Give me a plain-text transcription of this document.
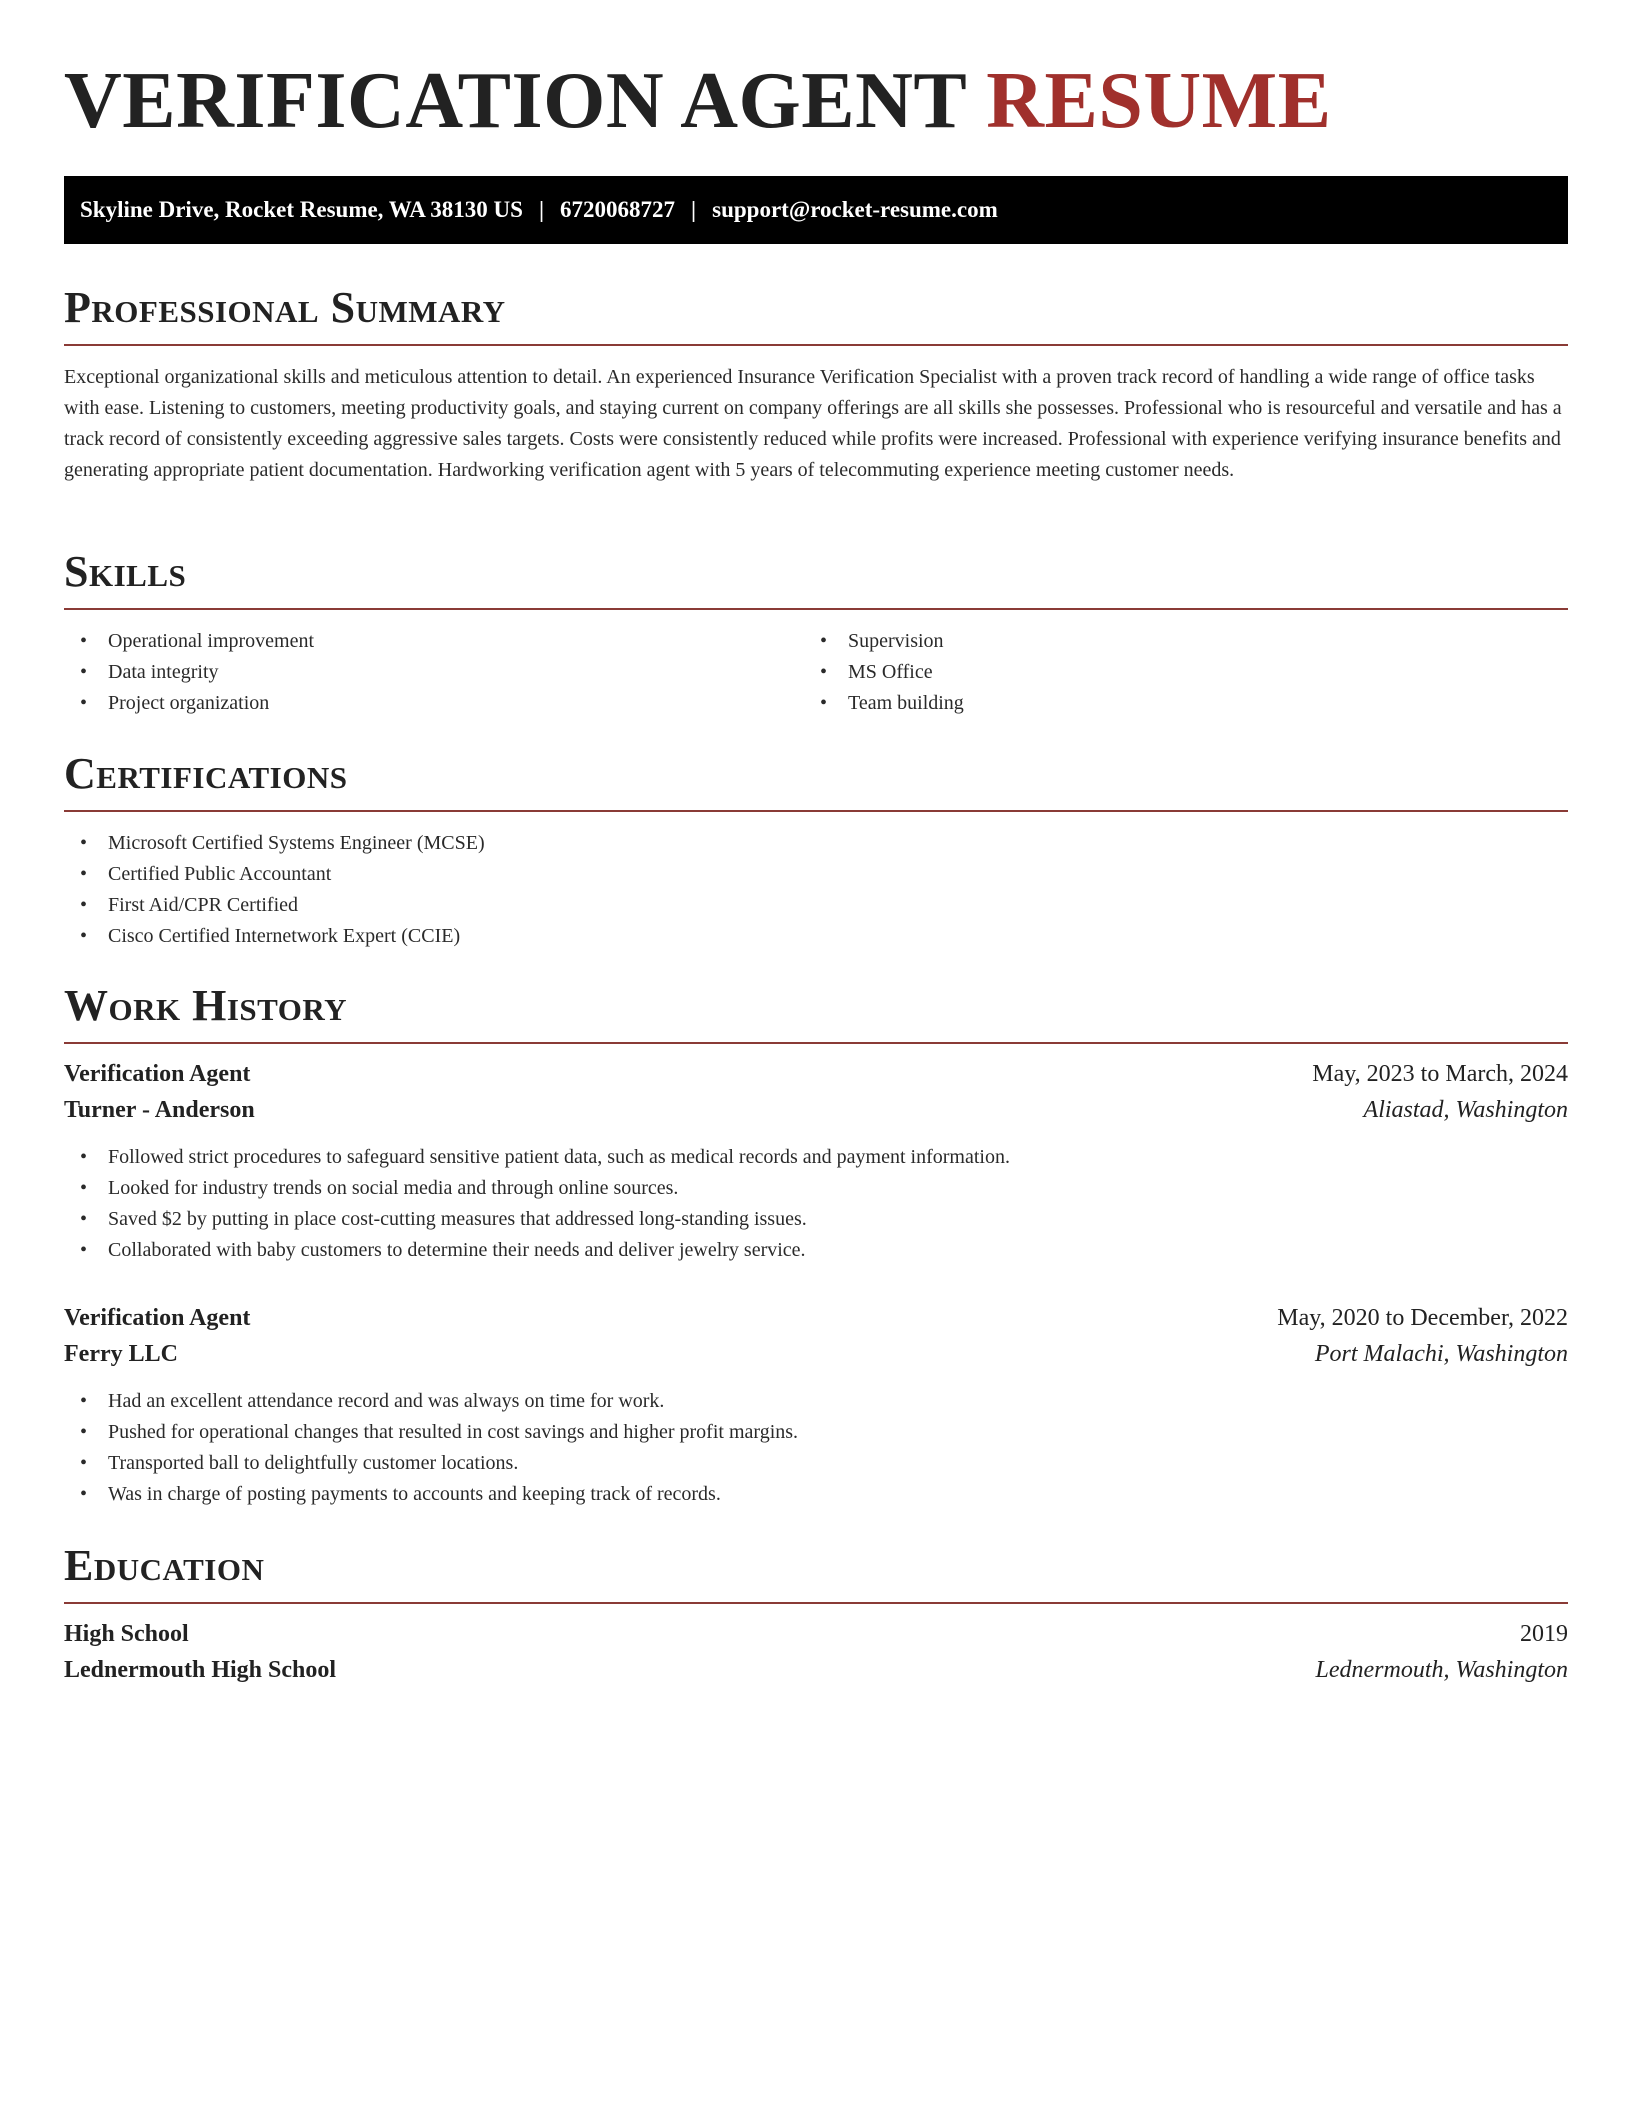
VERIFICATION AGENT RESUME
Skyline Drive, Rocket Resume, WA 38130 US | 6720068727 | support@rocket-resume.com
Professional Summary

Exceptional organizational skills and meticulous attention to detail. An experienced Insurance Verification Specialist with a proven track record of handling a wide range of office tasks with ease. Listening to customers, meeting productivity goals, and staying current on company offerings are all skills she possesses. Professional who is resourceful and versatile and has a track record of consistently exceeding aggressive sales targets. Costs were consistently reduced while profits were increased. Professional with experience verifying insurance benefits and generating appropriate patient documentation. Hardworking verification agent with 5 years of telecommuting experience meeting customer needs.

Skills
• Operational improvement
• Data integrity
• Project organization
• Supervision
• MS Office
• Team building
Certifications
• Microsoft Certified Systems Engineer (MCSE)
• Certified Public Accountant
• First Aid/CPR Certified
• Cisco Certified Internetwork Expert (CCIE)
Work History
Verification Agent	May, 2023 to March, 2024
Turner - Anderson	Aliastad, Washington
• Followed strict procedures to safeguard sensitive patient data, such as medical records and payment information.
• Looked for industry trends on social media and through online sources.
• Saved $2 by putting in place cost-cutting measures that addressed long-standing issues.
• Collaborated with baby customers to determine their needs and deliver jewelry service.
Verification Agent	May, 2020 to December, 2022
Ferry LLC	Port Malachi, Washington
• Had an excellent attendance record and was always on time for work.
• Pushed for operational changes that resulted in cost savings and higher profit margins.
• Transported ball to delightfully customer locations.
• Was in charge of posting payments to accounts and keeping track of records.
Education
High School	2019
Lednermouth High School	Lednermouth, Washington
